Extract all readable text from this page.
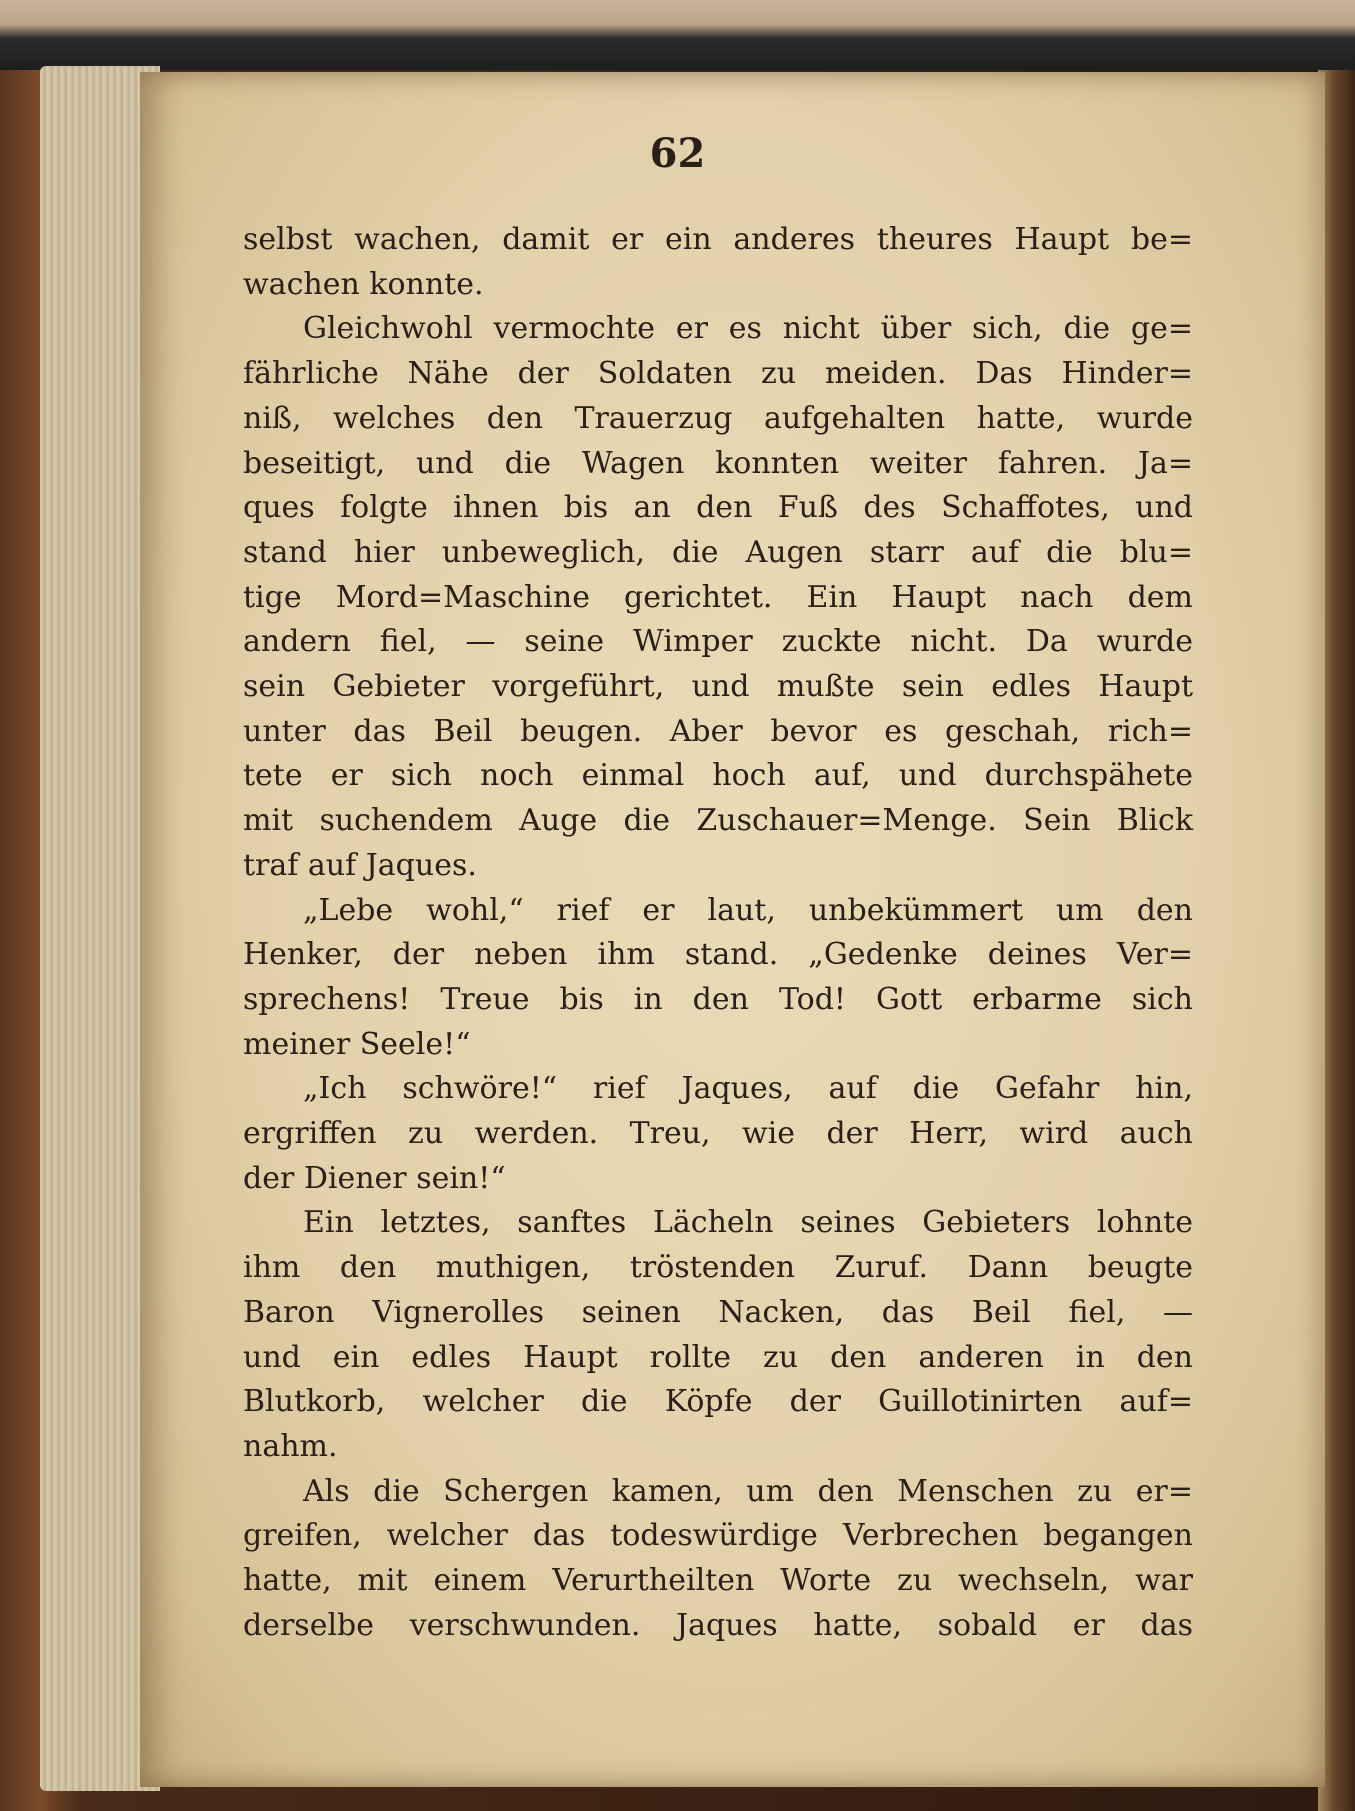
62
selbst wachen, damit er ein anderes theures Haupt be=
wachen konnte.
Gleichwohl vermochte er es nicht über sich, die ge=
fährliche Nähe der Soldaten zu meiden. Das Hinder=
niß, welches den Trauerzug aufgehalten hatte, wurde
beseitigt, und die Wagen konnten weiter fahren. Ja=
ques folgte ihnen bis an den Fuß des Schaffotes, und
stand hier unbeweglich, die Augen starr auf die blu=
tige Mord=Maschine gerichtet. Ein Haupt nach dem
andern fiel, — seine Wimper zuckte nicht. Da wurde
sein Gebieter vorgeführt, und mußte sein edles Haupt
unter das Beil beugen. Aber bevor es geschah, rich=
tete er sich noch einmal hoch auf, und durchspähete
mit suchendem Auge die Zuschauer=Menge. Sein Blick
traf auf Jaques.
„Lebe wohl,“ rief er laut, unbekümmert um den
Henker, der neben ihm stand. „Gedenke deines Ver=
sprechens! Treue bis in den Tod! Gott erbarme sich
meiner Seele!“
„Ich schwöre!“ rief Jaques, auf die Gefahr hin,
ergriffen zu werden. Treu, wie der Herr, wird auch
der Diener sein!“
Ein letztes, sanftes Lächeln seines Gebieters lohnte
ihm den muthigen, tröstenden Zuruf. Dann beugte
Baron Vignerolles seinen Nacken, das Beil fiel, —
und ein edles Haupt rollte zu den anderen in den
Blutkorb, welcher die Köpfe der Guillotinirten auf=
nahm.
Als die Schergen kamen, um den Menschen zu er=
greifen, welcher das todeswürdige Verbrechen begangen
hatte, mit einem Verurtheilten Worte zu wechseln, war
derselbe verschwunden. Jaques hatte, sobald er das
